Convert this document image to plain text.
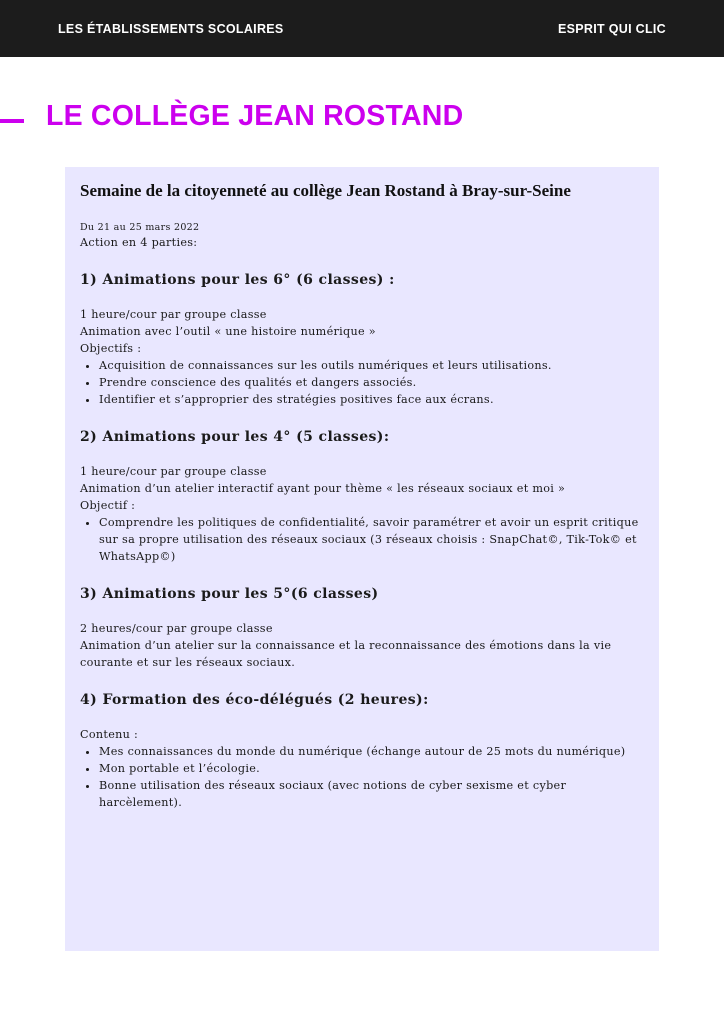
LES ÉTABLISSEMENTS SCOLAIRES	ESPRIT QUI CLIC
LE COLLÈGE JEAN ROSTAND
Semaine de la citoyenneté au collège Jean Rostand à Bray-sur-Seine
Du 21 au 25 mars 2022
Action en 4 parties:
1) Animations pour les 6° (6 classes) :
1 heure/cour par groupe classe
Animation avec l’outil « une histoire numérique »
Objectifs :
• Acquisition de connaissances sur les outils numériques et leurs utilisations.
• Prendre conscience des qualités et dangers associés.
• Identifier et s’approprier des stratégies positives face aux écrans.
2) Animations pour les 4° (5 classes):
1 heure/cour par groupe classe
Animation d’un atelier interactif ayant pour thème « les réseaux sociaux et moi »
Objectif :
• Comprendre les politiques de confidentialité, savoir paramétrer et avoir un esprit critique sur sa propre utilisation des réseaux sociaux (3 réseaux choisis : SnapChat©, Tik-Tok© et WhatsApp©)
3) Animations pour les 5°(6 classes)
2 heures/cour par groupe classe
Animation d’un atelier sur la connaissance et la reconnaissance des émotions dans la vie courante et sur les réseaux sociaux.
4) Formation des éco-délégués (2 heures):
Contenu :
• Mes connaissances du monde du numérique (échange autour de 25 mots du numérique)
• Mon portable et l’écologie.
• Bonne utilisation des réseaux sociaux (avec notions de cyber sexisme et cyber harcèlement).
